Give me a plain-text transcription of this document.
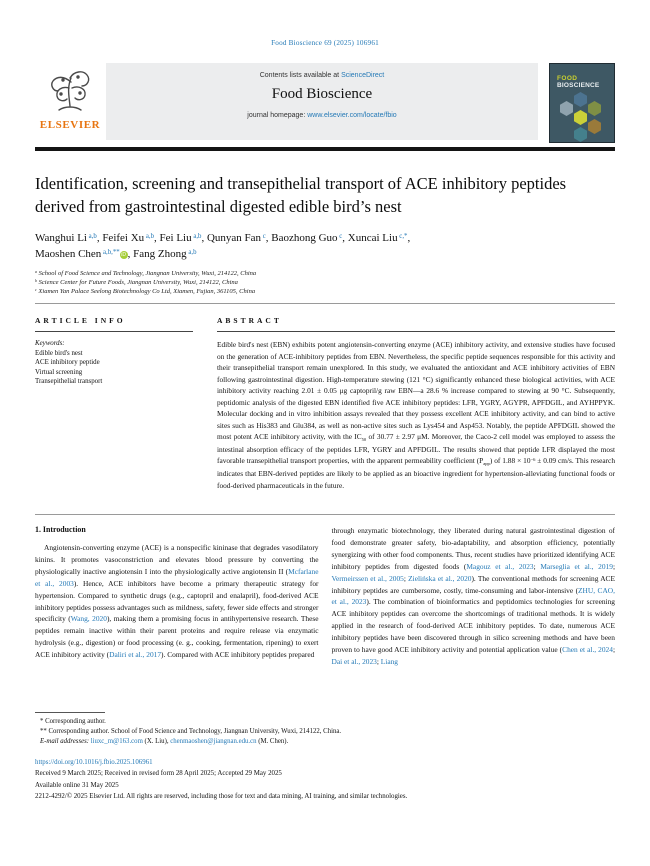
Food Bioscience 69 (2025) 106961
ELSEVIER
Contents lists available at ScienceDirect
Food Bioscience
journal homepage: www.elsevier.com/locate/fbio
FOOD
BIOSCIENCE
Identification, screening and transepithelial transport of ACE inhibitory peptides derived from gastrointestinal digested edible bird’s nest
Wanghui Li $^{a,b}$, Feifei Xu $^{a,b}$, Fei Liu $^{a,b}$, Qunyan Fan $^c$, Baozhong Guo $^c$, Xuncai Liu $^{c,*}$,
Maoshen Chen $^{a,b,**}$ iD , Fang Zhong $^{a,b}$
$^a$ School of Food Science and Technology, Jiangnan University, Wuxi, 214122, China
$^b$ Science Center for Future Foods, Jiangnan University, Wuxi, 214122, China
$^c$ Xiamen Yan Palace Seelong Biotechnology Co Ltd, Xiamen, Fujian, 361105, China
ARTICLE INFO
Keywords:
Edible bird's nest
ACE inhibitory peptide
Virtual screening
Transepithelial transport
ABSTRACT
Edible bird's nest (EBN) exhibits potent angiotensin-converting enzyme (ACE) inhibitory activity, and extensive studies have focused on the generation of ACE-inhibitory peptides from EBN. Nevertheless, the specific peptide sequences responsible for this activity and their transepithelial transport remain unexplored. In this study, we evaluated the antioxidant and ACE inhibitory activities of EBN following gastrointestinal digestion. High-temperature stewing (121 °C) significantly enhanced these biological activities, with ACE inhibitory activity reaching 2.01 ± 0.05 μg captopril/g raw EBN—a 28.6 % increase compared to stewing at 90 °C. Subsequently, peptidomic analysis of the digested EBN identified five ACE inhibitory peptides: LFR, YGRY, AGYPR, APFDGIL, and AYHPPYK. Molecular docking and in vitro inhibition assays revealed that they possess excellent ACE inhibitory activity, and can bind to active sites such as His383 and Glu384, as well as non-active sites such as Lys454 and Asp453. Notably, the peptide APFDGIL showed the most potent ACE inhibitory activity, with the IC50 of 30.77 ± 2.97 μM. Moreover, the Caco-2 cell model was employed to assess the intestinal absorption efficacy of the peptides LFR, YGRY and APFDGIL. The results showed that peptide LFR displayed the most favorable transepithelial transport properties, with the apparent permeability coefficient (Papp) of $1.88 \times 10^{-6} \pm 0.09$ cm/s. This research indicates that EBN-derived peptides are likely to be applied as an bioactive ingredient for hypertension-alleviating functional foods or food-derived pharmaceuticals in the future.
1. Introduction
Angiotensin-converting enzyme (ACE) is a nonspecific kininase that degrades vasodilatory kinins. It promotes vasoconstriction and elevates blood pressure by converting the physiologically inactive angiotensin I into the physiologically active angiotensin II (Mcfarlane et al., 2003). Hence, ACE inhibitors have become a primary therapeutic strategy for hypertension. Compared to synthetic drugs (e.g., captopril and enalapril), food-derived ACE inhibitory peptides possess advantages such as mildness, safety, fewer side effects and stronger specificity (Wang, 2020), making them a promising focus in antihypertensive research. These peptides remain inactive within their parent proteins and require release via enzymatic hydrolysis (e.g., digestion) or food processing (e. g., cooking, fermentation, ripening) to exert ACE inhibitory activity (Daliri et al., 2017). Compared with ACE inhibitory peptides prepared
through enzymatic biotechnology, they liberated during natural gastrointestinal digestion of food demonstrate greater safety, bio-adaptability, and absorption efficiency, potentially synergizing with other food components. Thus, recent studies have prioritized identifying ACE inhibitory peptides from digested foods (Magouz et al., 2023; Marseglia et al., 2019; Vermeirssen et al., 2005; Zielińska et al., 2020). The conventional methods for screening ACE inhibitory peptides are cumbersome, costly, time-consuming and labor-intensive (ZHU, CAO, et al., 2023). The combination of bioinformatics and peptidomics technologies for screening ACE inhibitory peptides can overcome the shortcomings of traditional methods. It is widely applied in the research of food-derived ACE inhibitory peptides. To date, numerous ACE inhibitory peptides have been discovered through in silico screening methods and have been proven to have good ACE inhibitory activity and potential application value (Chen et al., 2024; Dai et al., 2023; Liang
* Corresponding author.
** Corresponding author. School of Food Science and Technology, Jiangnan University, Wuxi, 214122, China.
E-mail addresses: liuxc_m@163.com (X. Liu), chenmaoshen@jiangnan.edu.cn (M. Chen).
https://doi.org/10.1016/j.fbio.2025.106961
Received 9 March 2025; Received in revised form 28 April 2025; Accepted 29 May 2025
Available online 31 May 2025
2212-4292/© 2025 Elsevier Ltd. All rights are reserved, including those for text and data mining, AI training, and similar technologies.
